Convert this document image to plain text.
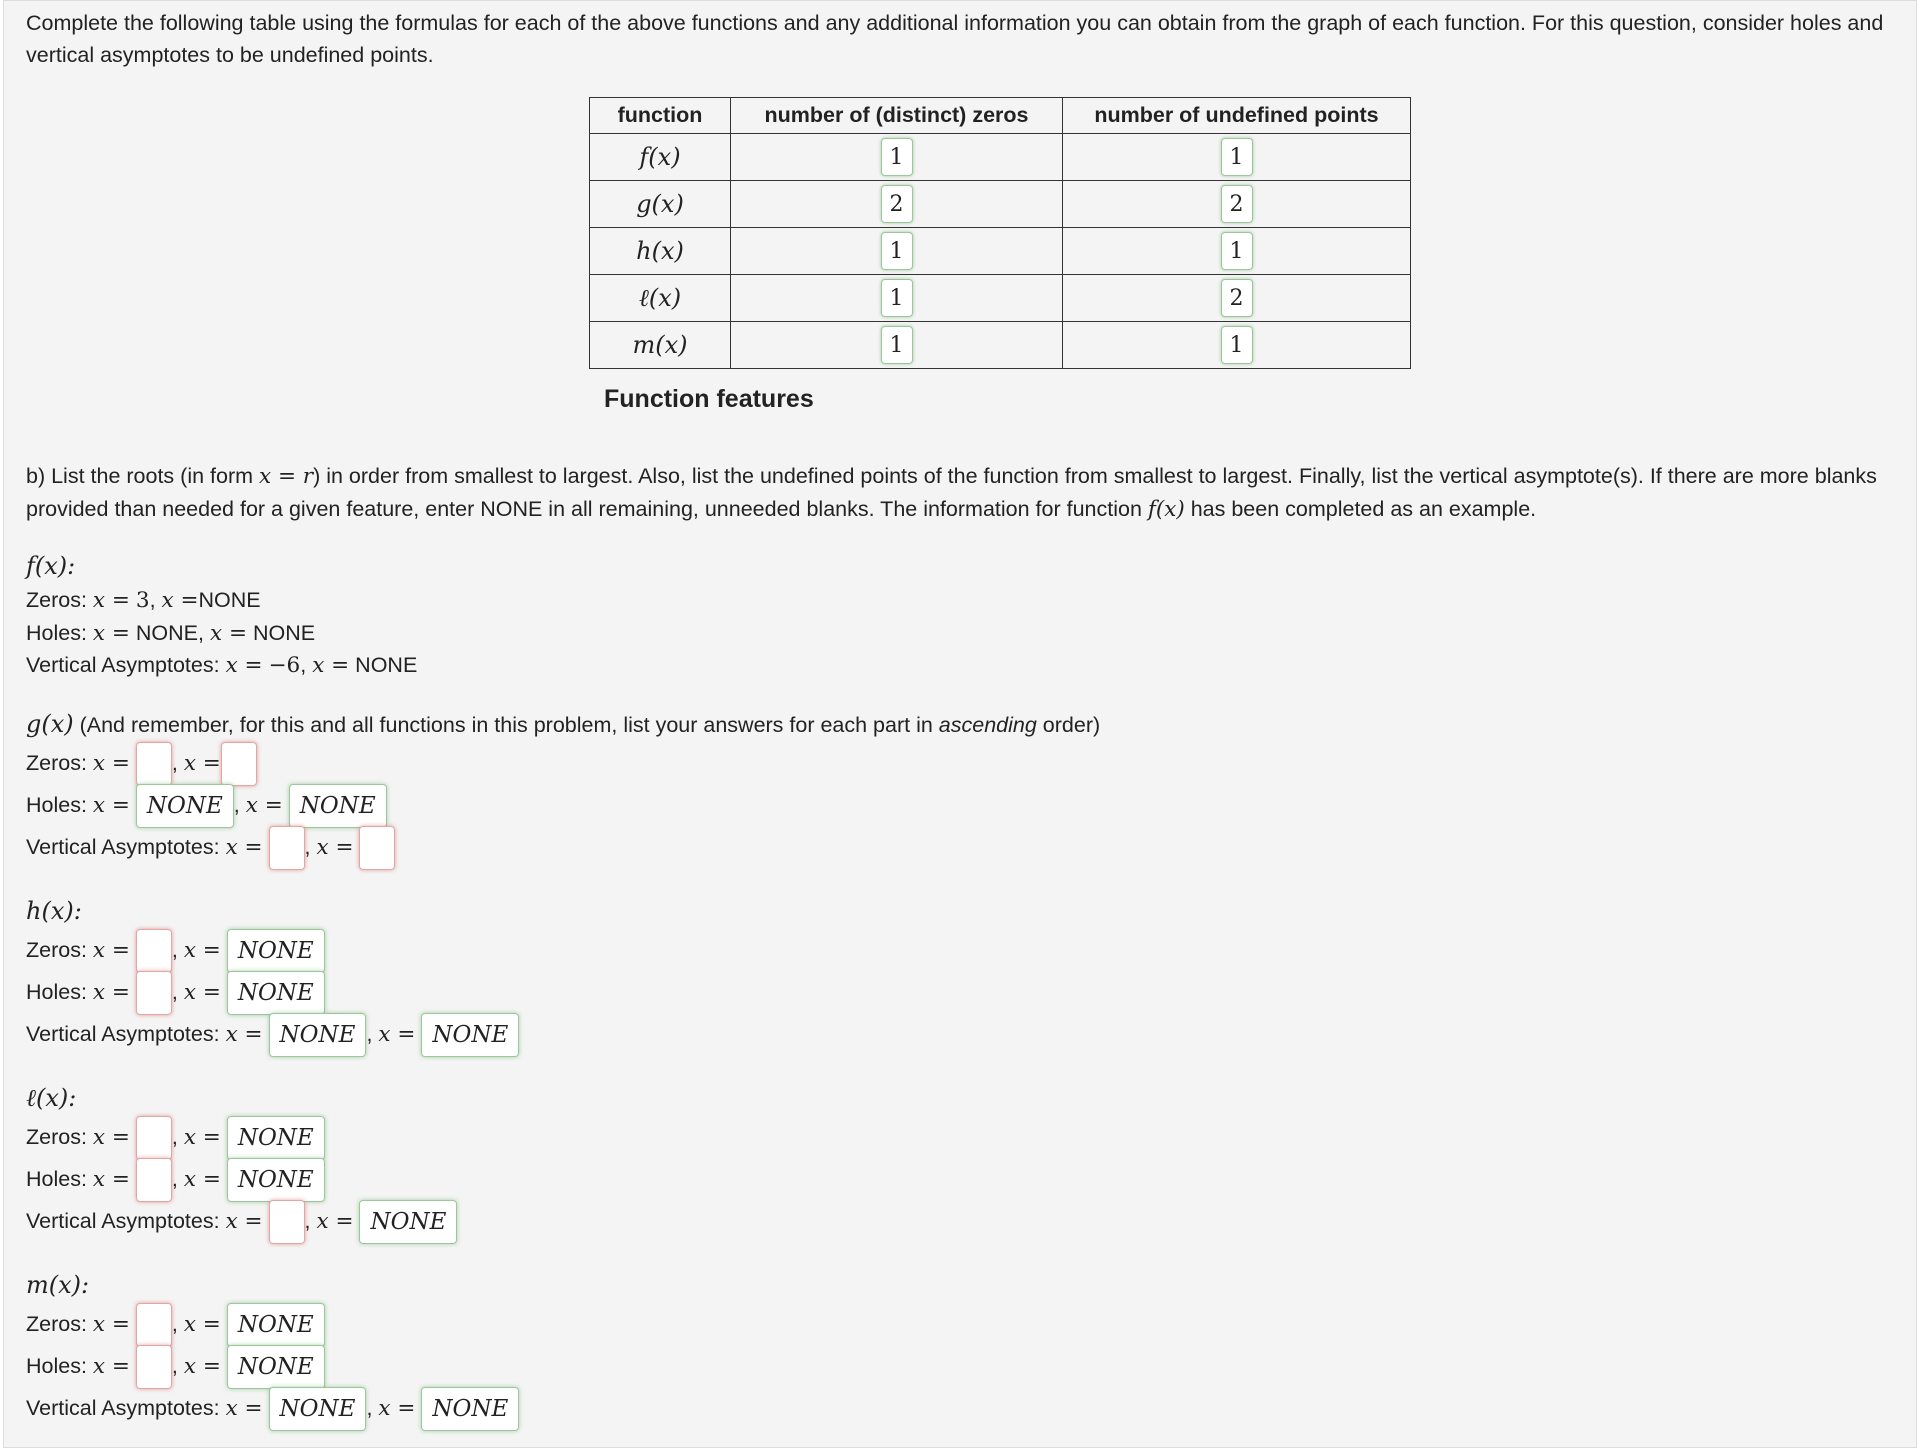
Complete the following table using the formulas for each of the above functions and any additional information you can obtain from the graph of each function. For this question, consider holes and vertical asymptotes to be undefined points.

function	number of (distinct) zeros	number of undefined points
f(x)	1	1
g(x)	2	2
h(x)	1	1
ℓ(x)	1	2
m(x)	1	1
Function features

b) List the roots (in form x = r) in order from smallest to largest. Also, list the undefined points of the function from smallest to largest. Finally, list the vertical asymptote(s). If there are more blanks provided than needed for a given feature, enter NONE in all remaining, unneeded blanks. The information for function f(x) has been completed as an example.

f(x):
Zeros: x = 3, x =NONE
Holes: x = NONE, x = NONE
Vertical Asymptotes: x = −6, x = NONE
g(x) (And remember, for this and all functions in this problem, list your answers for each part in ascending order)
Zeros: x = , x =
Holes: x = NONE , x = NONE
Vertical Asymptotes: x = , x =
h(x):
Zeros: x = , x = NONE
Holes: x = , x = NONE
Vertical Asymptotes: x = NONE , x = NONE
ℓ(x):
Zeros: x = , x = NONE
Holes: x = , x = NONE
Vertical Asymptotes: x = , x = NONE
m(x):
Zeros: x = , x = NONE
Holes: x = , x = NONE
Vertical Asymptotes: x = NONE , x = NONE
